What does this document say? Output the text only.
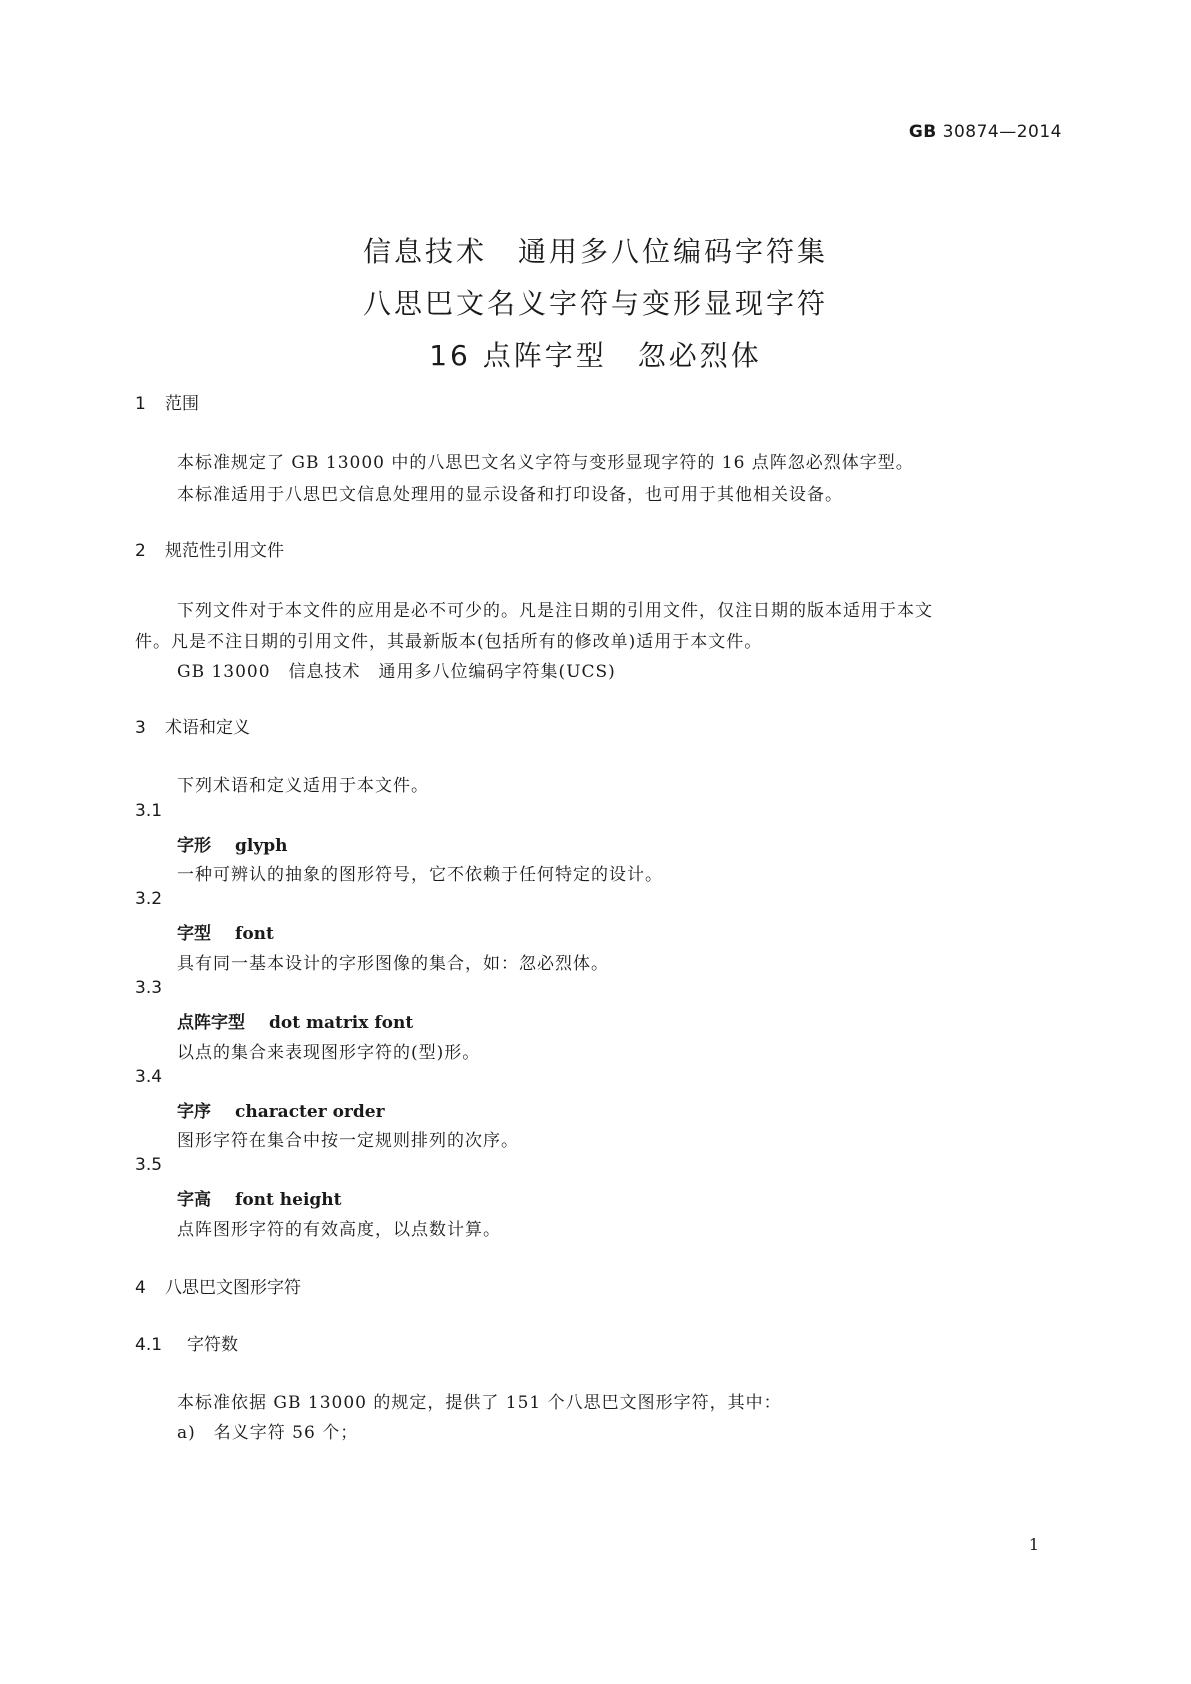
GB 30874—2014
信息技术　通用多八位编码字符集
八思巴文名义字符与变形显现字符
16 点阵字型　忽必烈体
1 范围
本标准规定了 GB 13000 中的八思巴文名义字符与变形显现字符的 16 点阵忽必烈体字型。
本标准适用于八思巴文信息处理用的显示设备和打印设备，也可用于其他相关设备。
2 规范性引用文件
下列文件对于本文件的应用是必不可少的。凡是注日期的引用文件，仅注日期的版本适用于本文
件。凡是不注日期的引用文件，其最新版本(包括所有的修改单)适用于本文件。
GB 13000　信息技术　通用多八位编码字符集(UCS)
3 术语和定义
下列术语和定义适用于本文件。
3.1
字形 glyph
一种可辨认的抽象的图形符号，它不依赖于任何特定的设计。
3.2
字型 font
具有同一基本设计的字形图像的集合，如：忽必烈体。
3.3
点阵字型 dot matrix font
以点的集合来表现图形字符的(型)形。
3.4
字序 character order
图形字符在集合中按一定规则排列的次序。
3.5
字高 font height
点阵图形字符的有效高度，以点数计算。
4 八思巴文图形字符
4.1 字符数
本标准依据 GB 13000 的规定，提供了 151 个八思巴文图形字符，其中：
a)　名义字符 56 个；
1
